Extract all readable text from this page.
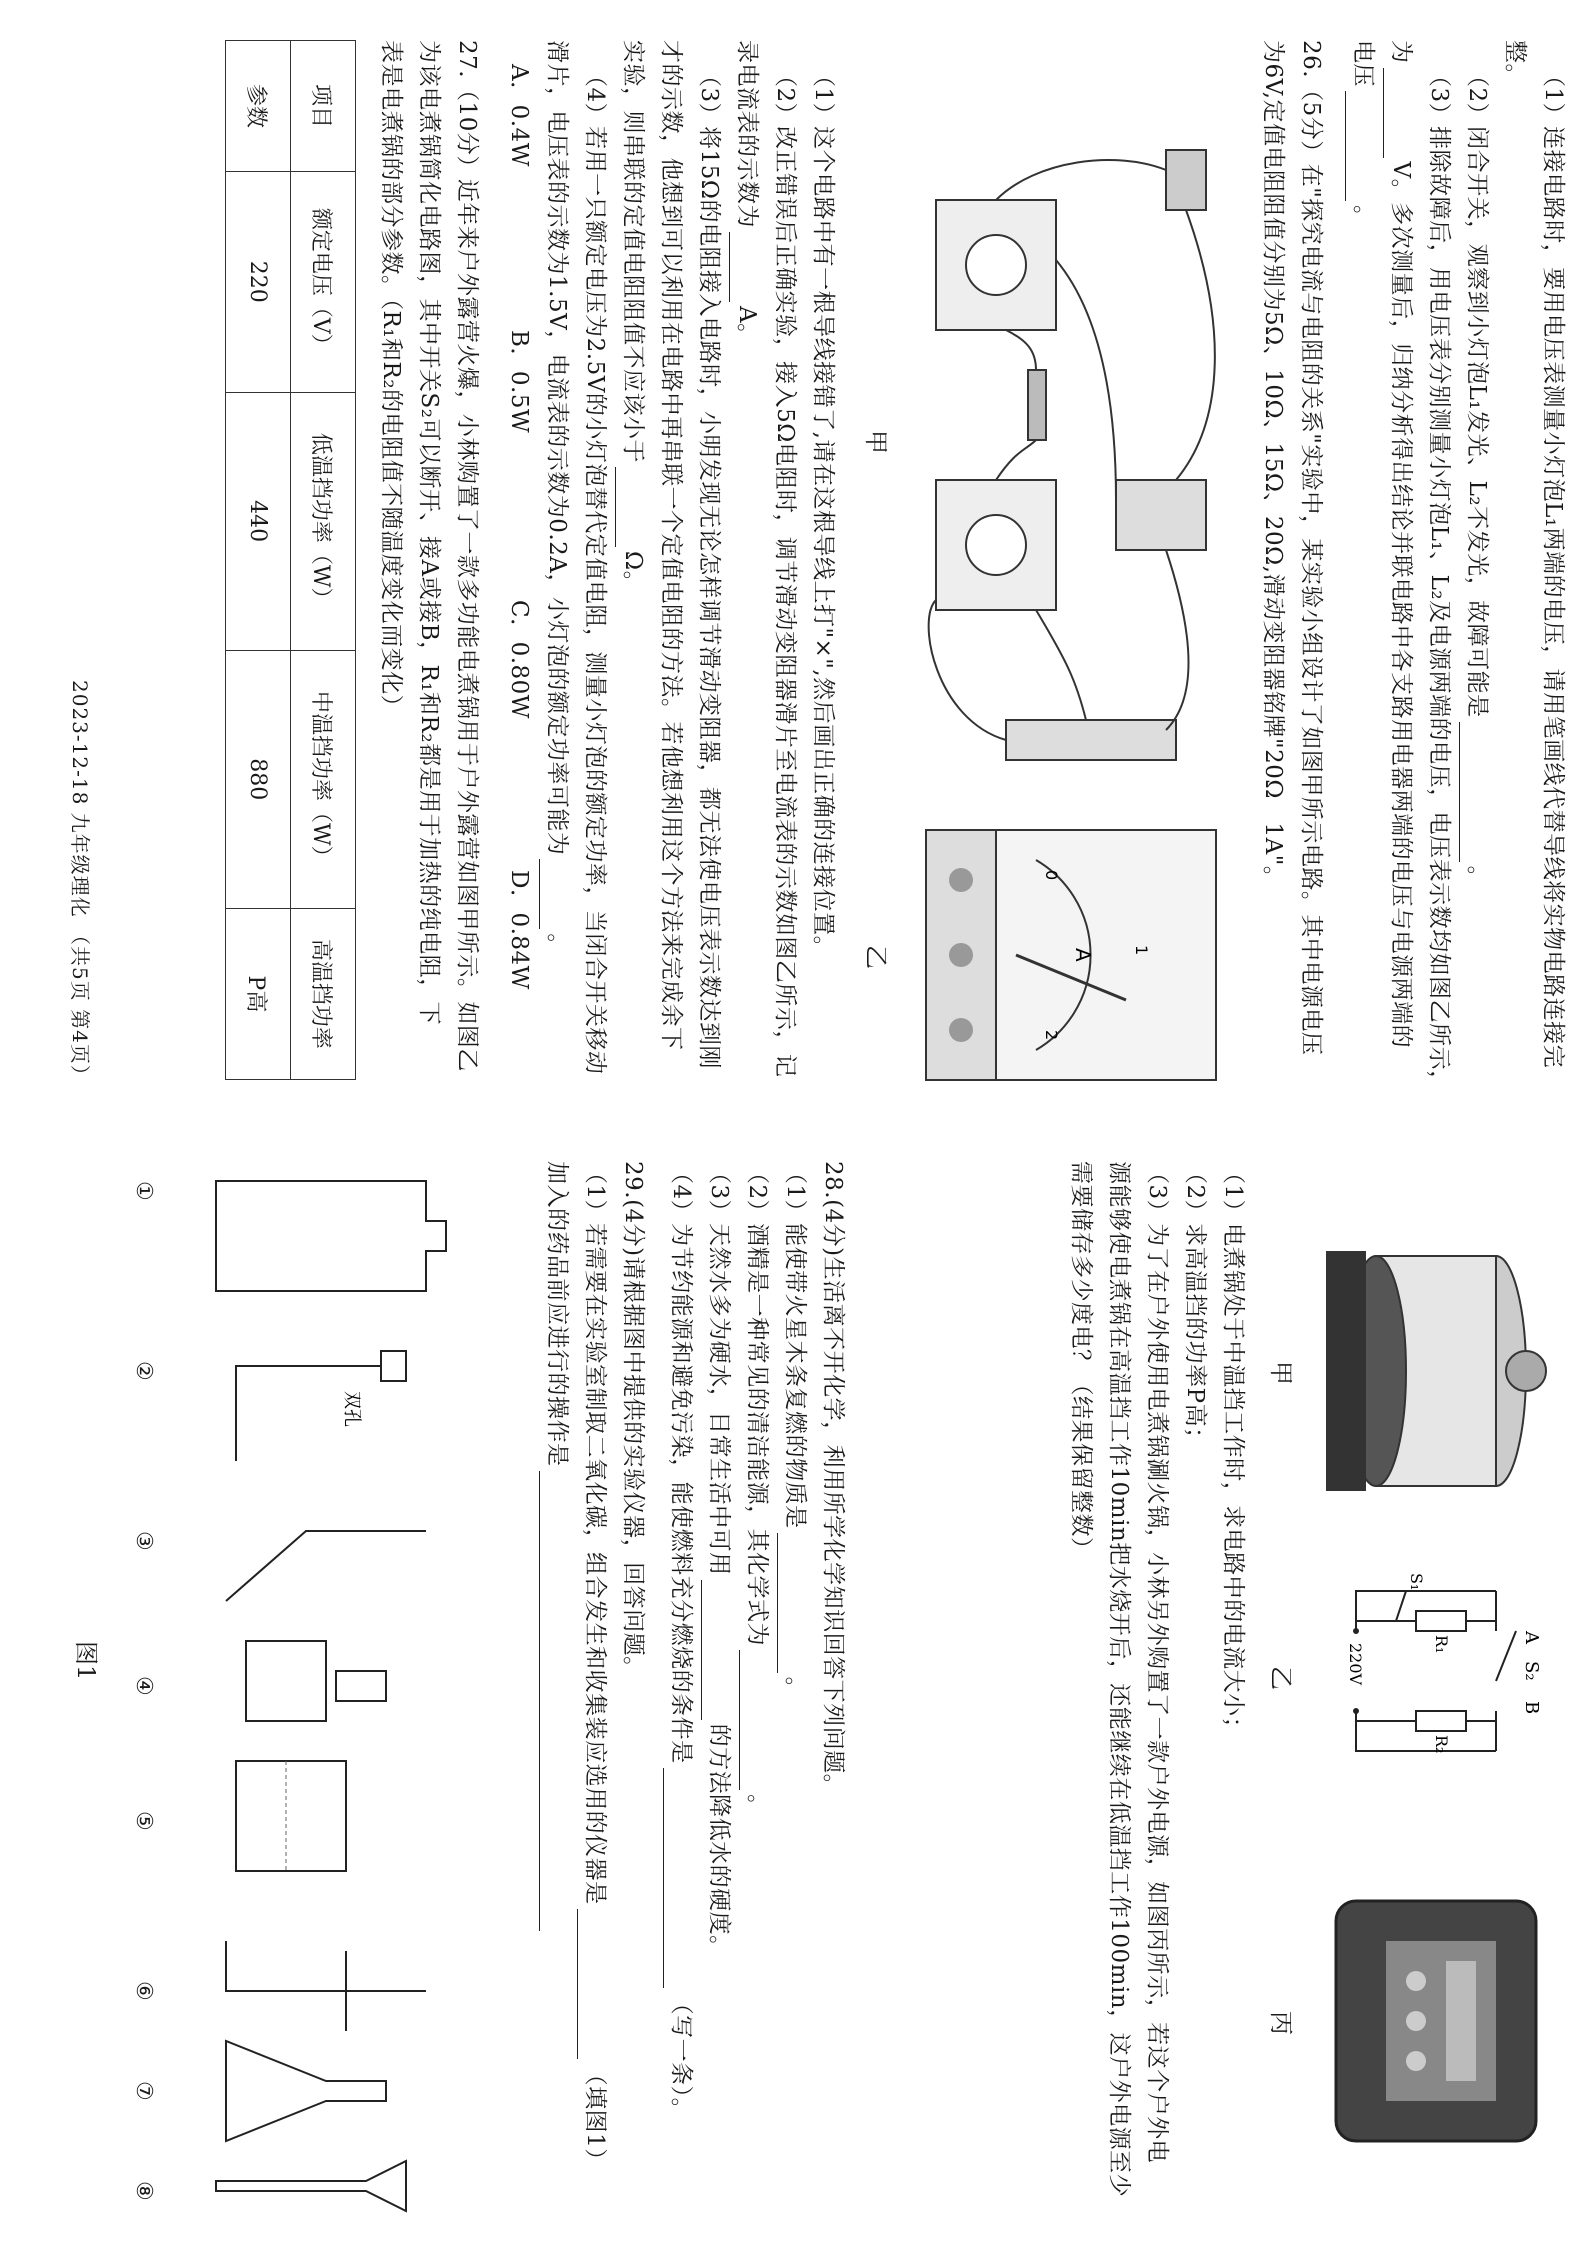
（1）连接电路时，要用电压表测量小灯泡L₁两端的电压，请用笔画线代替导线将实物电路连接完
整。
（2）闭合开关，观察到小灯泡L₁发光、L₂不发光，故障可能是。
（3）排除故障后，用电压表分别测量小灯泡L₁、L₂及电源两端的电压，电压表示数均如图乙所示，
为V。多次测量后，归纳分析得出结论并联电路中各支路用电器两端的电压与电源两端的
电压。
26.（5分）在"探究电流与电阻的关系"实验中，某实验小组设计了如图甲所示电路。其中电源电压
为6V,定值电阻阻值分别为5Ω、10Ω、15Ω、20Ω,滑动变阻器铭牌"20Ω　1A"。
甲
0
1
2
A
乙
（1）这个电路中有一根导线接错了,请在这根导线上打"×",然后画出正确的连接位置。
（2）改正错误后正确实验，接入5Ω电阻时，调节滑动变阻器滑片至电流表的示数如图乙所示，记
录电流表的示数为A。
（3）将15Ω的电阻接入电路时，小明发现无论怎样调节滑动变阻器，都无法使电压表示数达到刚
才的示数，他想到可以利用在电路中再串联一个定值电阻的方法。若他想利用这个方法来完成余下
实验，则串联的定值电阻阻值不应该小于Ω。
（4）若用一只额定电压为2.5V的小灯泡替代定值电阻，测量小灯泡的额定功率，当闭合开关移动
滑片，电压表的示数为1.5V，电流表的示数为0.2A，小灯泡的额定功率可能为。
A．0.4W
B．0.5W
C．0.80W
D．0.84W
27.（10分）近年来户外露营火爆，小林购置了一款多功能电煮锅用于户外露营如图甲所示。如图乙
为该电煮锅简化电路图，其中开关S₂可以断开、接A或接B，R₁和R₂都是用于加热的纯电阻，下
表是电煮锅的部分参数。（R₁和R₂的电阻值不随温度变化而变化）
项目	额定电压（V）	低温挡功率（W）	中温挡功率（W）	高温挡功率
参数	220	440	880	P高
2023-12-18 九年级理化 （共5页 第4页）
甲
A
S₂
B
R₁
R₂
S₁
220V
乙
丙
（1）电煮锅处于中温挡工作时，求电路中的电流大小；
（2）求高温挡的功率P高；
（3）为了在户外使用电煮锅涮火锅，小林另外购置了一款户外电源，如图丙所示，若这个户外电
源能够使电煮锅在高温挡工作10min把水烧开后，还能继续在低温挡工作100min，这户外电源至少
需要储存多少度电？（结果保留整数）
28.(4分)生活离不开化学，利用所学化学知识回答下列问题。
（1）能使带火星木条复燃的物质是。
（2）酒精是一种常见的清洁能源，其化学式为。
（3）天然水多为硬水，日常生活中可用的方法降低水的硬度。
（4）为节约能源和避免污染，能使燃料充分燃烧的条件是（写一条）。
29.(4分)请根据图中提供的实验仪器，回答问题。
（1）若需要在实验室制取二氧化碳，组合发生和收集装应选用的仪器是（填图1）
加入的药品前应进行的操作是
双孔
①
②
③
④
⑤
⑥
⑦
⑧
图1
